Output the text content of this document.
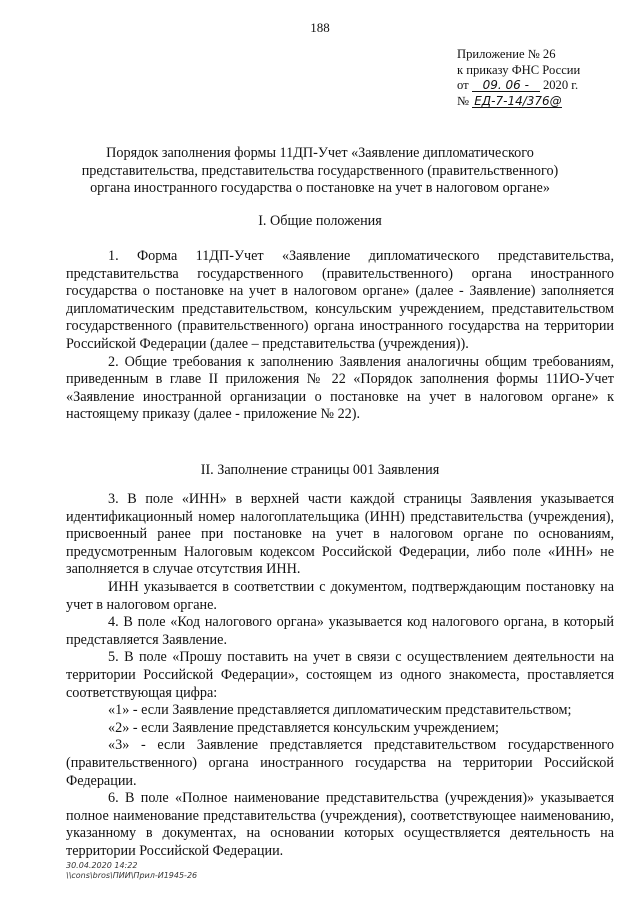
188
Приложение № 26
к приказу ФНС России
от 09. 06 - 2020 г.
№ ЕД-7-14/376@
Порядок заполнения формы 11ДП-Учет «Заявление дипломатического представительства, представительства государственного (правительственного) органа иностранного государства о постановке на учет в налоговом органе»
I. Общие положения

1. Форма 11ДП-Учет «Заявление дипломатического представительства, представительства государственного (правительственного) органа иностранного государства о постановке на учет в налоговом органе» (далее - Заявление) заполняется дипломатическим представительством, консульским учреждением, представительством государственного (правительственного) органа иностранного государства на территории Российской Федерации (далее – представительства (учреждения)).

2. Общие требования к заполнению Заявления аналогичны общим требованиям, приведенным в главе II приложения № 22 «Порядок заполнения формы 11ИО-Учет «Заявление иностранной организации о постановке на учет в налоговом органе» к настоящему приказу (далее - приложение № 22).

II. Заполнение страницы 001 Заявления

3. В поле «ИНН» в верхней части каждой страницы Заявления указывается идентификационный номер налогоплательщика (ИНН) представительства (учреждения), присвоенный ранее при постановке на учет в налоговом органе по основаниям, предусмотренным Налоговым кодексом Российской Федерации, либо поле «ИНН» не заполняется в случае отсутствия ИНН.

ИНН указывается в соответствии с документом, подтверждающим постановку на учет в налоговом органе.

4. В поле «Код налогового органа» указывается код налогового органа, в который представляется Заявление.

5. В поле «Прошу поставить на учет в связи с осуществлением деятельности на территории Российской Федерации», состоящем из одного знакоместа, проставляется соответствующая цифра:

«1» - если Заявление представляется дипломатическим представительством;

«2» - если Заявление представляется консульским учреждением;

«3» - если Заявление представляется представительством государственного (правительственного) органа иностранного государства на территории Российской Федерации.

6. В поле «Полное наименование представительства (учреждения)» указывается полное наименование представительства (учреждения), соответствующее наименованию, указанному в документах, на основании которых осуществляется деятельность на территории Российской Федерации.

30.04.2020 14:22
\\cons\bros\ПИИ\Прил-И1945-26
